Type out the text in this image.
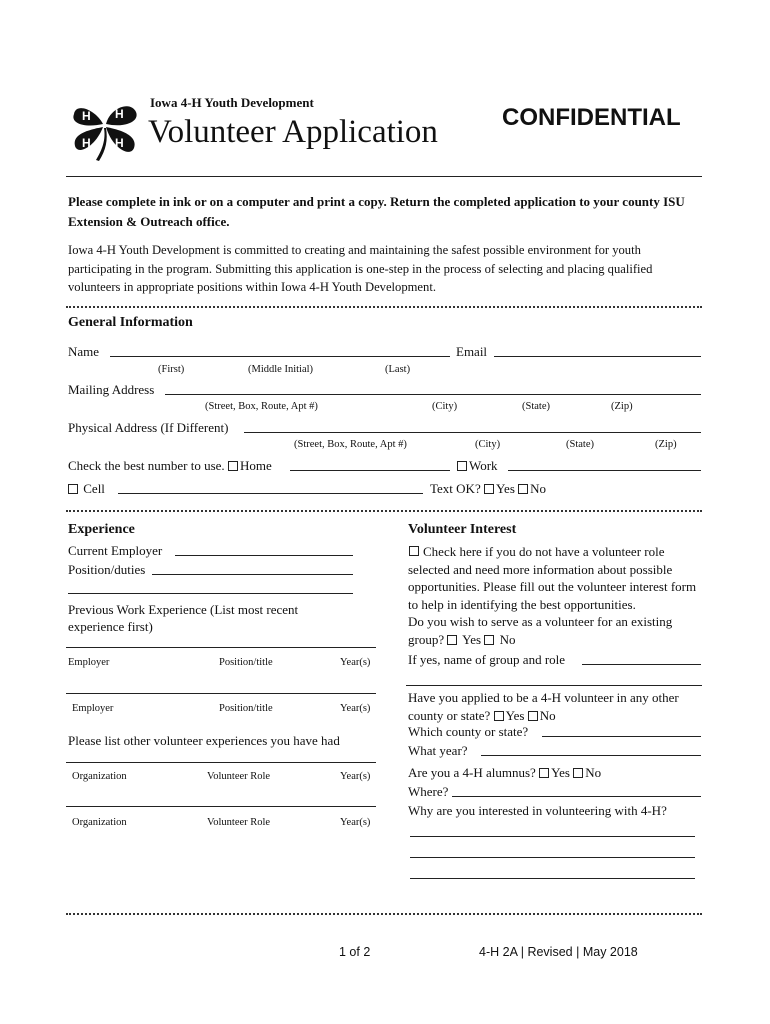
H H
H H
Iowa 4-H Youth Development
Volunteer Application	CONFIDENTIAL
Please complete in ink or on a computer and print a copy. Return the completed application to your county ISU Extension & Outreach office.
Iowa 4-H Youth Development is committed to creating and maintaining the safest possible environment for youth participating in the program. Submitting this application is one-step in the process of selecting and placing qualified volunteers in appropriate positions within Iowa 4-H Youth Development.
General Information
Name	Email
(First)	(Middle Initial)	(Last)
Mailing Address
(Street, Box, Route, Apt #)	(City)	(State)	(Zip)
Physical Address (If Different)
(Street, Box, Route, Apt #)	(City)	(State)	(Zip)
Check the best number to use. Home	Work
Cell	Text OK? Yes No
Experience
Current Employer
Position/duties
Previous Work Experience (List most recent experience first)
Employer	Position/title	Year(s)
Employer	Position/title	Year(s)
Please list other volunteer experiences you have had
Organization	Volunteer Role	Year(s)
Organization	Volunteer Role	Year(s)
Volunteer Interest
Check here if you do not have a volunteer role selected and need more information about possible opportunities. Please fill out the volunteer interest form to help in identifying the best opportunities.
Do you wish to serve as a volunteer for an existing group? Yes No
If yes, name of group and role
Have you applied to be a 4-H volunteer in any other county or state? Yes No
Which county or state?
What year?
Are you a 4-H alumnus? Yes No
Where?
Why are you interested in volunteering with 4-H?
1 of 2	4-H 2A | Revised | May 2018
